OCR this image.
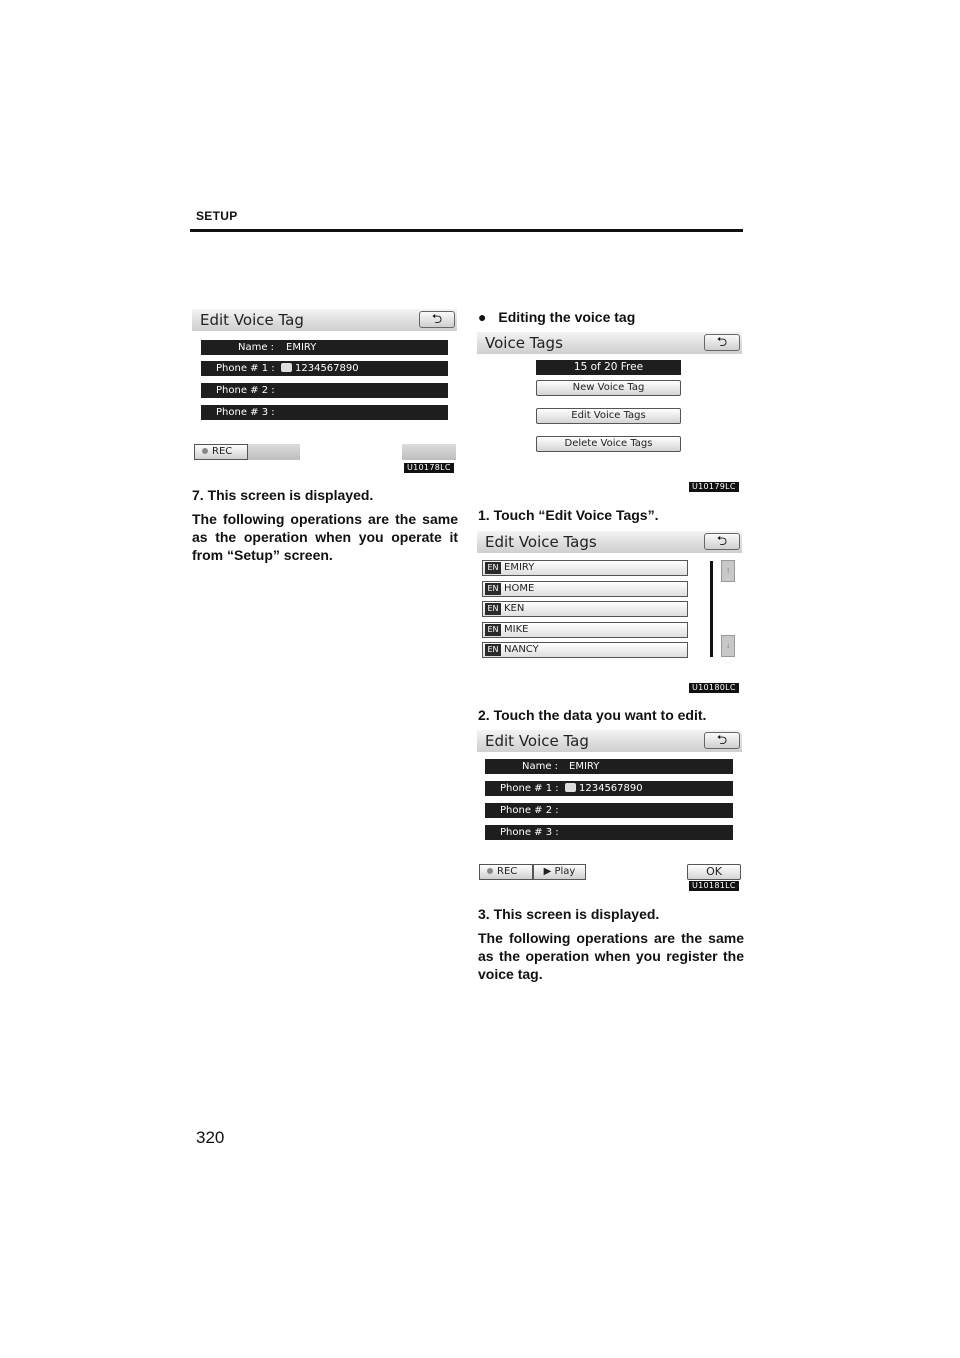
SETUP
Edit Voice Tag	⮌
Name : EMIRY
Phone # 1 :	1234567890
Phone # 2 :
Phone # 3 :
REC
U10178LC
7. This screen is displayed.
The following operations are the same as the operation when you operate it from “Setup” screen.
● Editing the voice tag
Voice Tags	⮌
15 of 20 Free
New Voice Tag
Edit Voice Tags
Delete Voice Tags
U10179LC
1. Touch “Edit Voice Tags”.
Edit Voice Tags	⮌
EN EMIRY
EN HOME
EN KEN
EN MIKE
EN NANCY
↑
↓
U10180LC
2. Touch the data you want to edit.
Edit Voice Tag	⮌
Name : EMIRY
Phone # 1 :	1234567890
Phone # 2 :
Phone # 3 :
REC	▶ Play	OK
U10181LC
3. This screen is displayed.
The following operations are the same as the operation when you register the voice tag.
320
